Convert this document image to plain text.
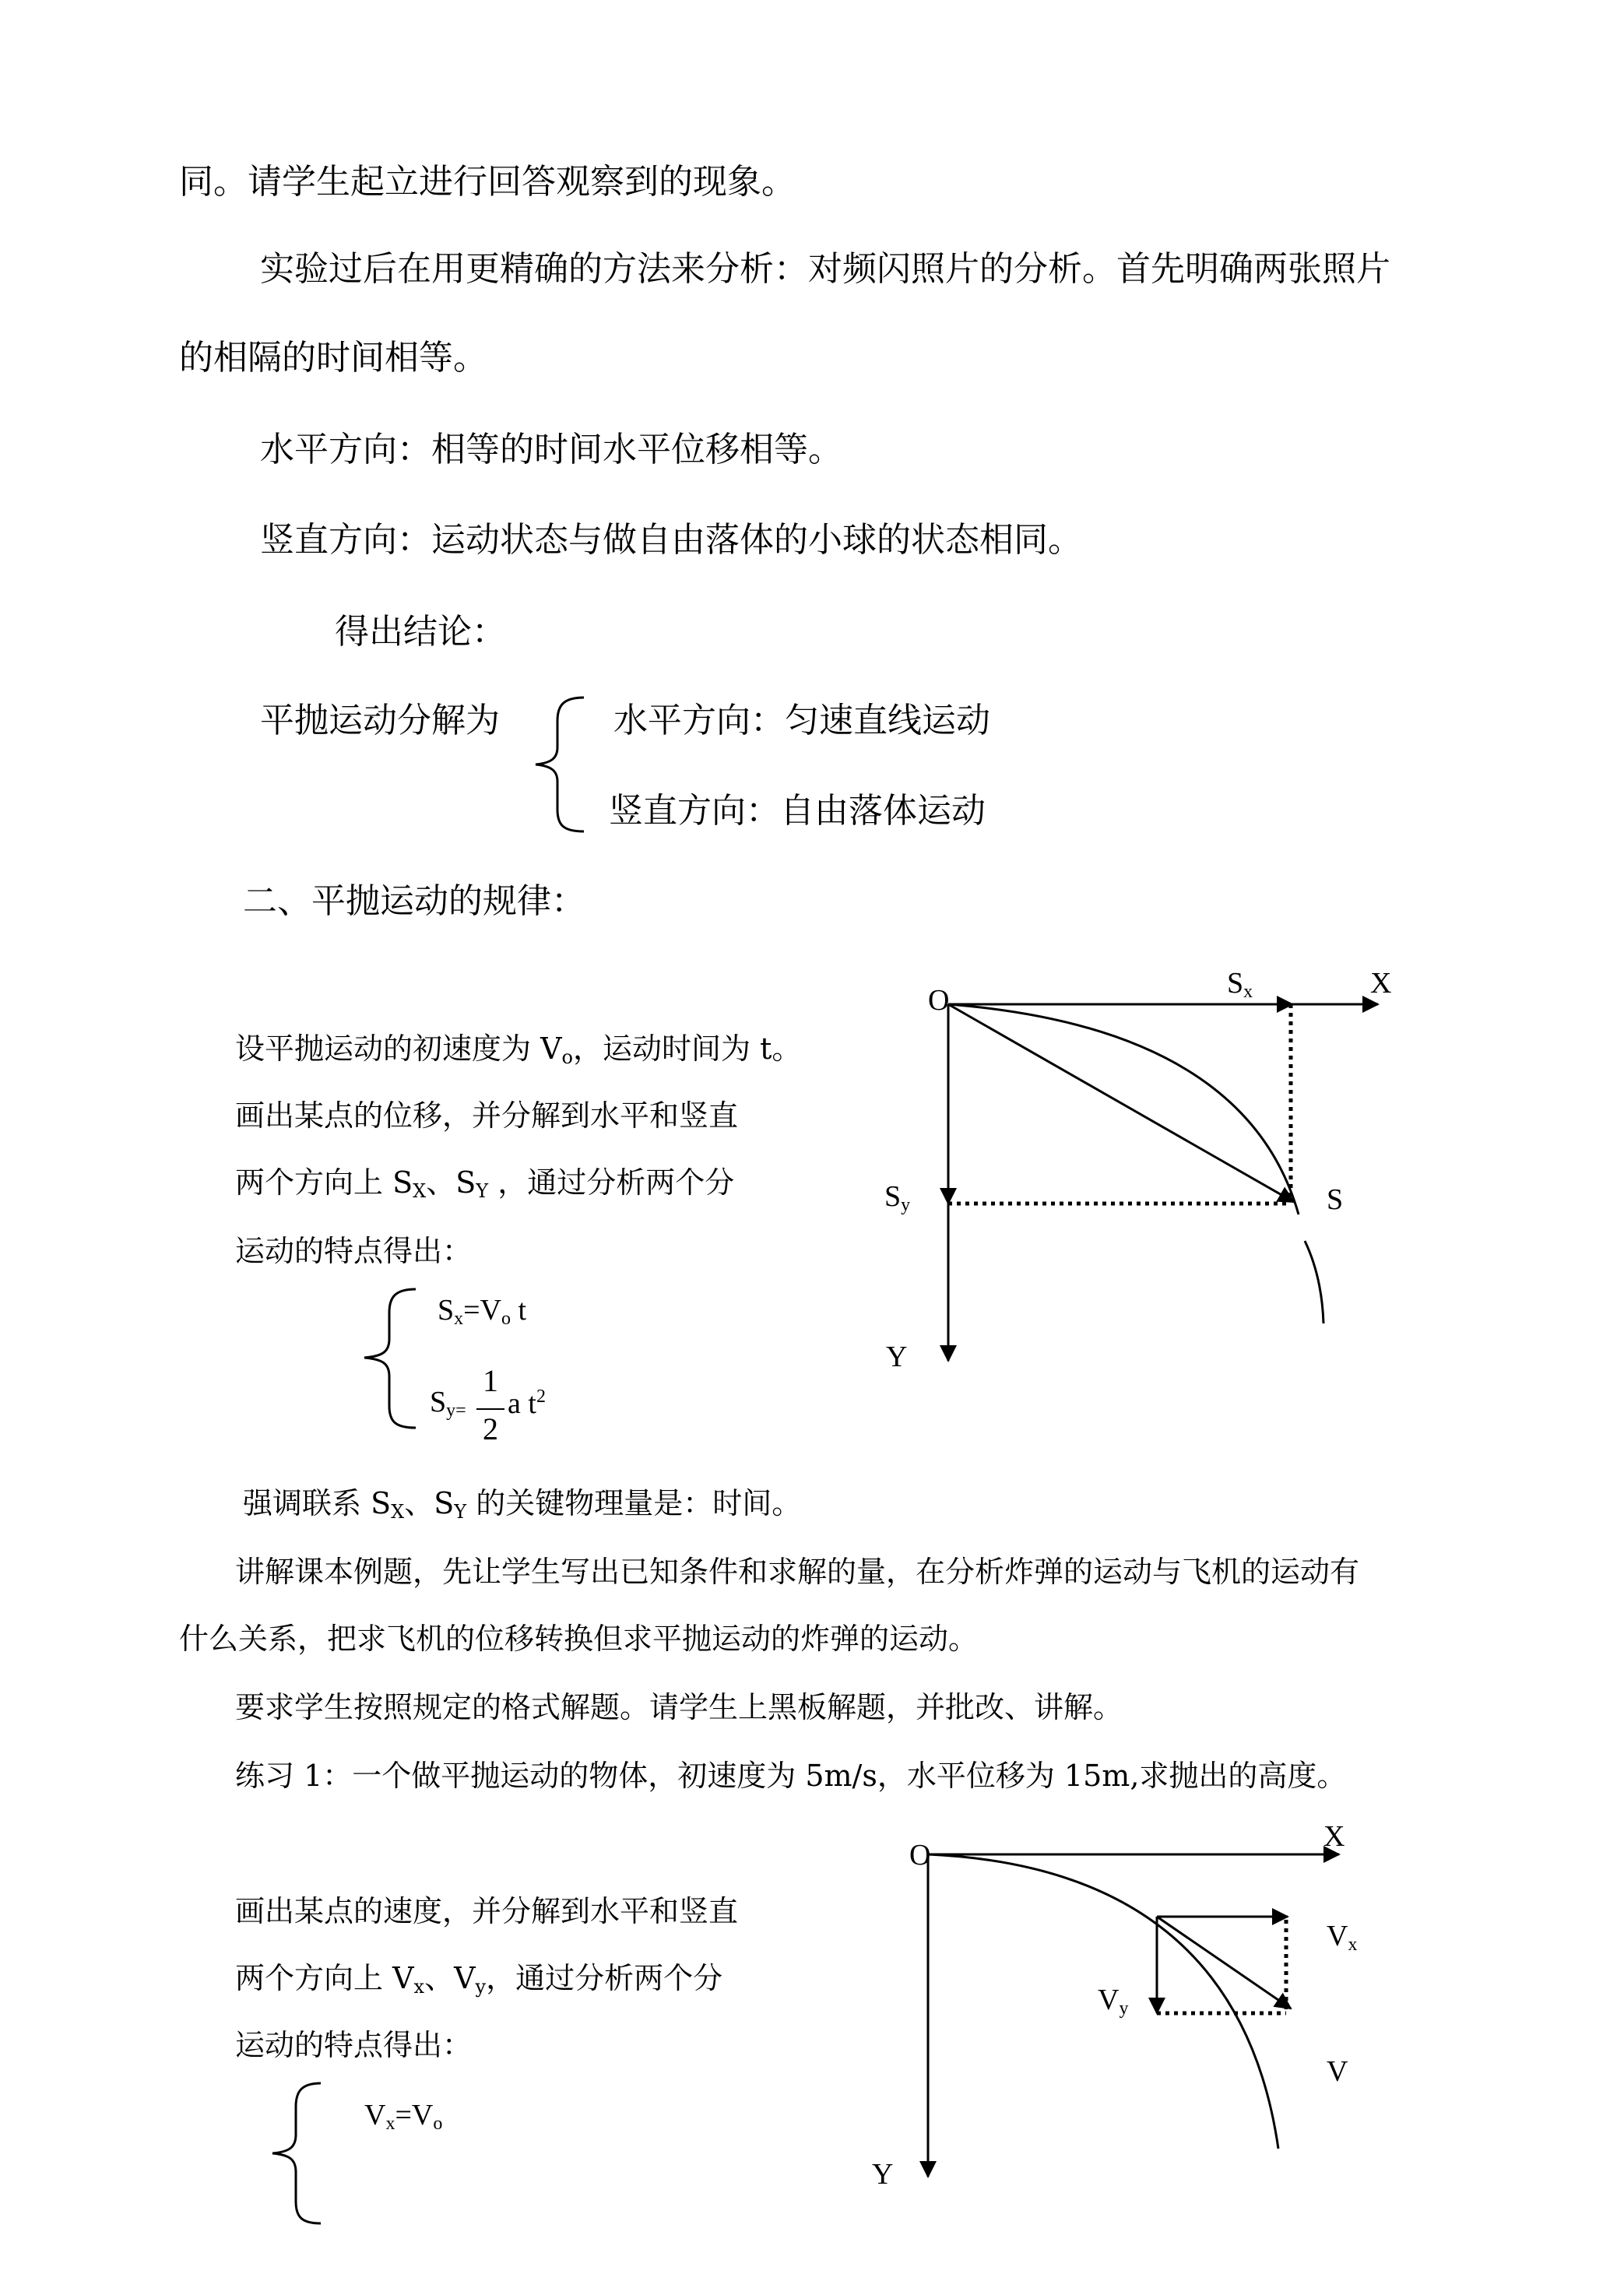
同。请学生起立进行回答观察到的现象。
实验过后在用更精确的方法来分析：对频闪照片的分析。首先明确两张照片
的相隔的时间相等。
水平方向：相等的时间水平位移相等。
竖直方向：运动状态与做自由落体的小球的状态相同。
得出结论：
平抛运动分解为	水平方向：匀速直线运动
竖直方向：自由落体运动
二、平抛运动的规律：
设平抛运动的初速度为 $V_o$，运动时间为 t。
画出某点的位移，并分解到水平和竖直
两个方向上 $S_X$、$S_Y$ ，通过分析两个分
运动的特点得出：
$S_x=V_o$ t
$S_{y=}$
1
2
a $t^2$
O
$S_x$	X
$S_y$	S
Y
强调联系 $S_X$、$S_Y$ 的关键物理量是：时间。
讲解课本例题，先让学生写出已知条件和求解的量，在分析炸弹的运动与飞机的运动有
什么关系，把求飞机的位移转换但求平抛运动的炸弹的运动。
要求学生按照规定的格式解题。请学生上黑板解题，并批改、讲解。
练习 1：一个做平抛运动的物体，初速度为 5m/s，水平位移为 15m,求抛出的高度。
画出某点的速度，并分解到水平和竖直
两个方向上 $V_x$、$V_y$，通过分析两个分
运动的特点得出：
$V_x=V_o$
O
X
$V_x$
$V_y$
V
Y
